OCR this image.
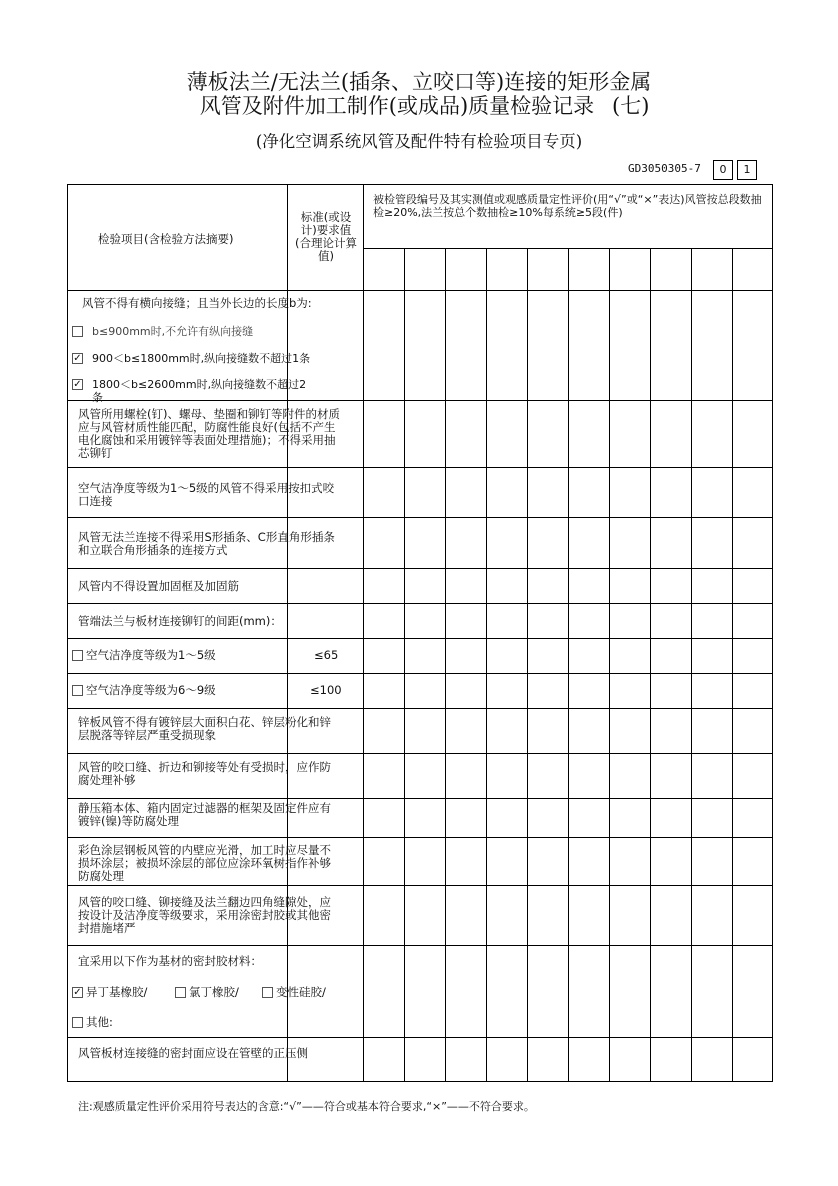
薄板法兰/无法兰(插条、立咬口等)连接的矩形金属
风管及附件加工制作(或成品)质量检验记录 (七)
(净化空调系统风管及配件特有检验项目专页)
GD3050305-7	0	1
检验项目(含检验方法摘要)
标准(或设计)要求值(合理论计算值)
被检管段编号及其实测值或观感质量定性评价(用“√”或“×”表达)风管按总段数抽检≥20%,法兰按总个数抽检≥10%每系统≥5段(件)
风管不得有横向接缝；且当外长边的长度b为:
b≤900mm时,不允许有纵向接缝
✓ 900＜b≤1800mm时,纵向接缝数不超过1条
✓ 1800＜b≤2600mm时,纵向接缝数不超过2条
风管所用螺栓(钉)、螺母、垫圈和铆钉等附件的材质应与风管材质性能匹配，防腐性能良好(包括不产生电化腐蚀和采用镀锌等表面处理措施)；不得采用抽芯铆钉
空气洁净度等级为1～5级的风管不得采用按扣式咬口连接
风管无法兰连接不得采用S形插条、C形直角形插条和立联合角形插条的连接方式
风管内不得设置加固框及加固筋
管端法兰与板材连接铆钉的间距(mm)：
空气洁净度等级为1～5级	≤65
空气洁净度等级为6～9级	≤100
锌板风管不得有镀锌层大面积白花、锌层粉化和锌层脱落等锌层严重受损现象
风管的咬口缝、折边和铆接等处有受损时，应作防腐处理补够
静压箱本体、箱内固定过滤器的框架及固定件应有镀锌(镍)等防腐处理
彩色涂层钢板风管的内壁应光滑，加工时应尽量不损坏涂层；被损坏涂层的部位应涂环氧树指作补够防腐处理
风管的咬口缝、铆接缝及法兰翻边四角缝隙处，应按设计及洁净度等级要求，采用涂密封胶或其他密封措施堵严
宜采用以下作为基材的密封胶材料：
✓ 异丁基橡胶/	氯丁橡胶/	变性硅胶/
其他:
风管板材连接缝的密封面应设在管壁的正压侧
注:观感质量定性评价采用符号表达的含意:“√”——符合或基本符合要求,“×”——不符合要求。
